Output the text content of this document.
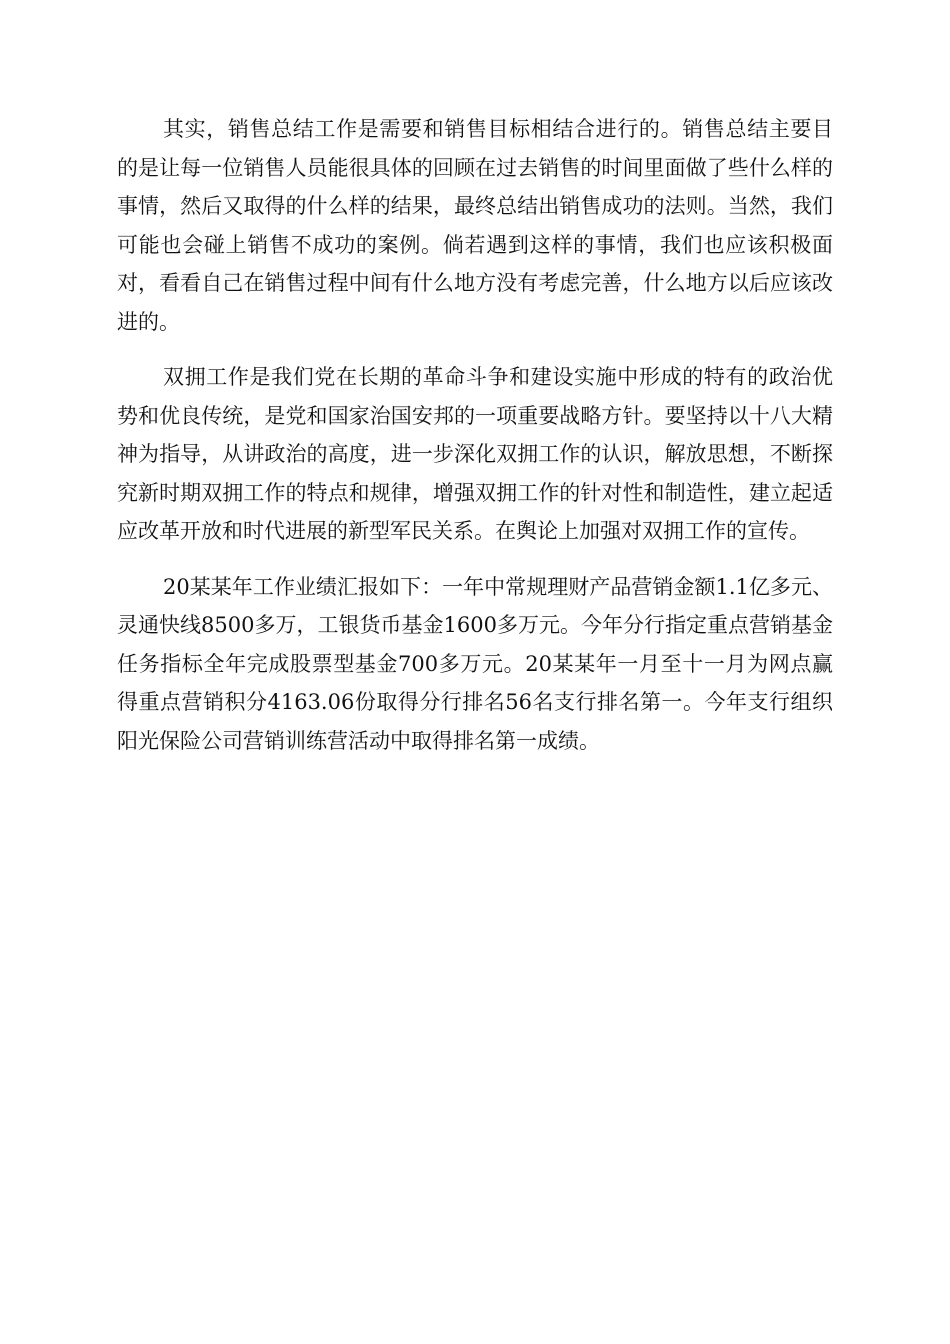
其实，销售总结工作是需要和销售目标相结合进行的。销售总结主要目的是让每一位销售人员能很具体的回顾在过去销售的时间里面做了些什么样的事情，然后又取得的什么样的结果，最终总结出销售成功的法则。当然，我们可能也会碰上销售不成功的案例。倘若遇到这样的事情，我们也应该积极面对，看看自己在销售过程中间有什么地方没有考虑完善，什么地方以后应该改进的。

双拥工作是我们党在长期的革命斗争和建设实施中形成的特有的政治优势和优良传统，是党和国家治国安邦的一项重要战略方针。要坚持以十八大精神为指导，从讲政治的高度，进一步深化双拥工作的认识，解放思想，不断探究新时期双拥工作的特点和规律，增强双拥工作的针对性和制造性，建立起适应改革开放和时代进展的新型军民关系。在舆论上加强对双拥工作的宣传。

20某某年工作业绩汇报如下：一年中常规理财产品营销金额1.1亿多元、灵通快线8500多万，工银货币基金1600多万元。今年分行指定重点营销基金任务指标全年完成股票型基金700多万元。20某某年一月至十一月为网点赢得重点营销积分4163.06份取得分行排名56名支行排名第一。今年支行组织阳光保险公司营销训练营活动中取得排名第一成绩。
